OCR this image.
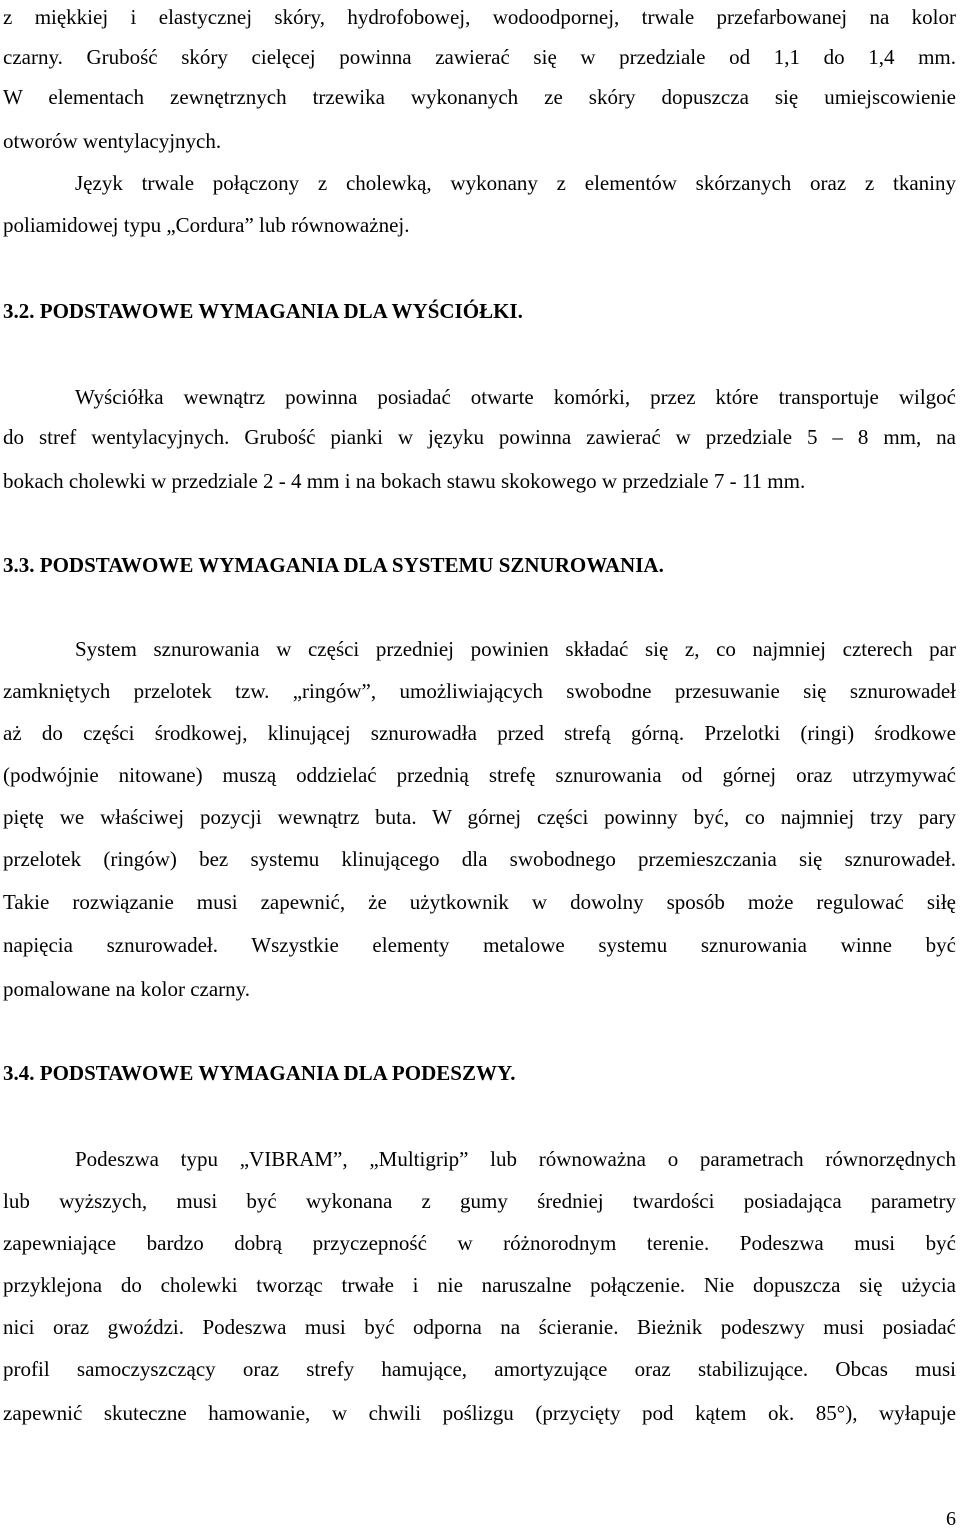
z miękkiej i elastycznej skóry, hydrofobowej, wodoodpornej, trwale przefarbowanej na kolor
czarny. Grubość skóry cielęcej powinna zawierać się w przedziale od 1,1 do 1,4 mm.
W elementach zewnętrznych trzewika wykonanych ze skóry dopuszcza się umiejscowienie
otworów wentylacyjnych.
Język trwale połączony z cholewką, wykonany z elementów skórzanych oraz z tkaniny
poliamidowej typu „Cordura” lub równoważnej.
3.2. PODSTAWOWE WYMAGANIA DLA WYŚCIÓŁKI.
Wyściółka wewnątrz powinna posiadać otwarte komórki, przez które transportuje wilgoć
do stref wentylacyjnych. Grubość pianki w języku powinna zawierać w przedziale 5 – 8 mm, na
bokach cholewki w przedziale 2 - 4 mm i na bokach stawu skokowego w przedziale 7 - 11 mm.
3.3. PODSTAWOWE WYMAGANIA DLA SYSTEMU SZNUROWANIA.
System sznurowania w części przedniej powinien składać się z, co najmniej czterech par
zamkniętych przelotek tzw. „ringów”, umożliwiających swobodne przesuwanie się sznurowadeł
aż do części środkowej, klinującej sznurowadła przed strefą górną. Przelotki (ringi) środkowe
(podwójnie nitowane) muszą oddzielać przednią strefę sznurowania od górnej oraz utrzymywać
piętę we właściwej pozycji wewnątrz buta. W górnej części powinny być, co najmniej trzy pary
przelotek (ringów) bez systemu klinującego dla swobodnego przemieszczania się sznurowadeł.
Takie rozwiązanie musi zapewnić, że użytkownik w dowolny sposób może regulować siłę
napięcia sznurowadeł. Wszystkie elementy metalowe systemu sznurowania winne być
pomalowane na kolor czarny.
3.4. PODSTAWOWE WYMAGANIA DLA PODESZWY.
Podeszwa typu „VIBRAM”, „Multigrip” lub równoważna o parametrach równorzędnych
lub wyższych, musi być wykonana z gumy średniej twardości posiadająca parametry
zapewniające bardzo dobrą przyczepność w różnorodnym terenie. Podeszwa musi być
przyklejona do cholewki tworząc trwałe i nie naruszalne połączenie. Nie dopuszcza się użycia
nici oraz gwoździ. Podeszwa musi być odporna na ścieranie. Bieżnik podeszwy musi posiadać
profil samoczyszczący oraz strefy hamujące, amortyzujące oraz stabilizujące. Obcas musi
zapewnić skuteczne hamowanie, w chwili poślizgu (przycięty pod kątem ok. 85°), wyłapuje
6
